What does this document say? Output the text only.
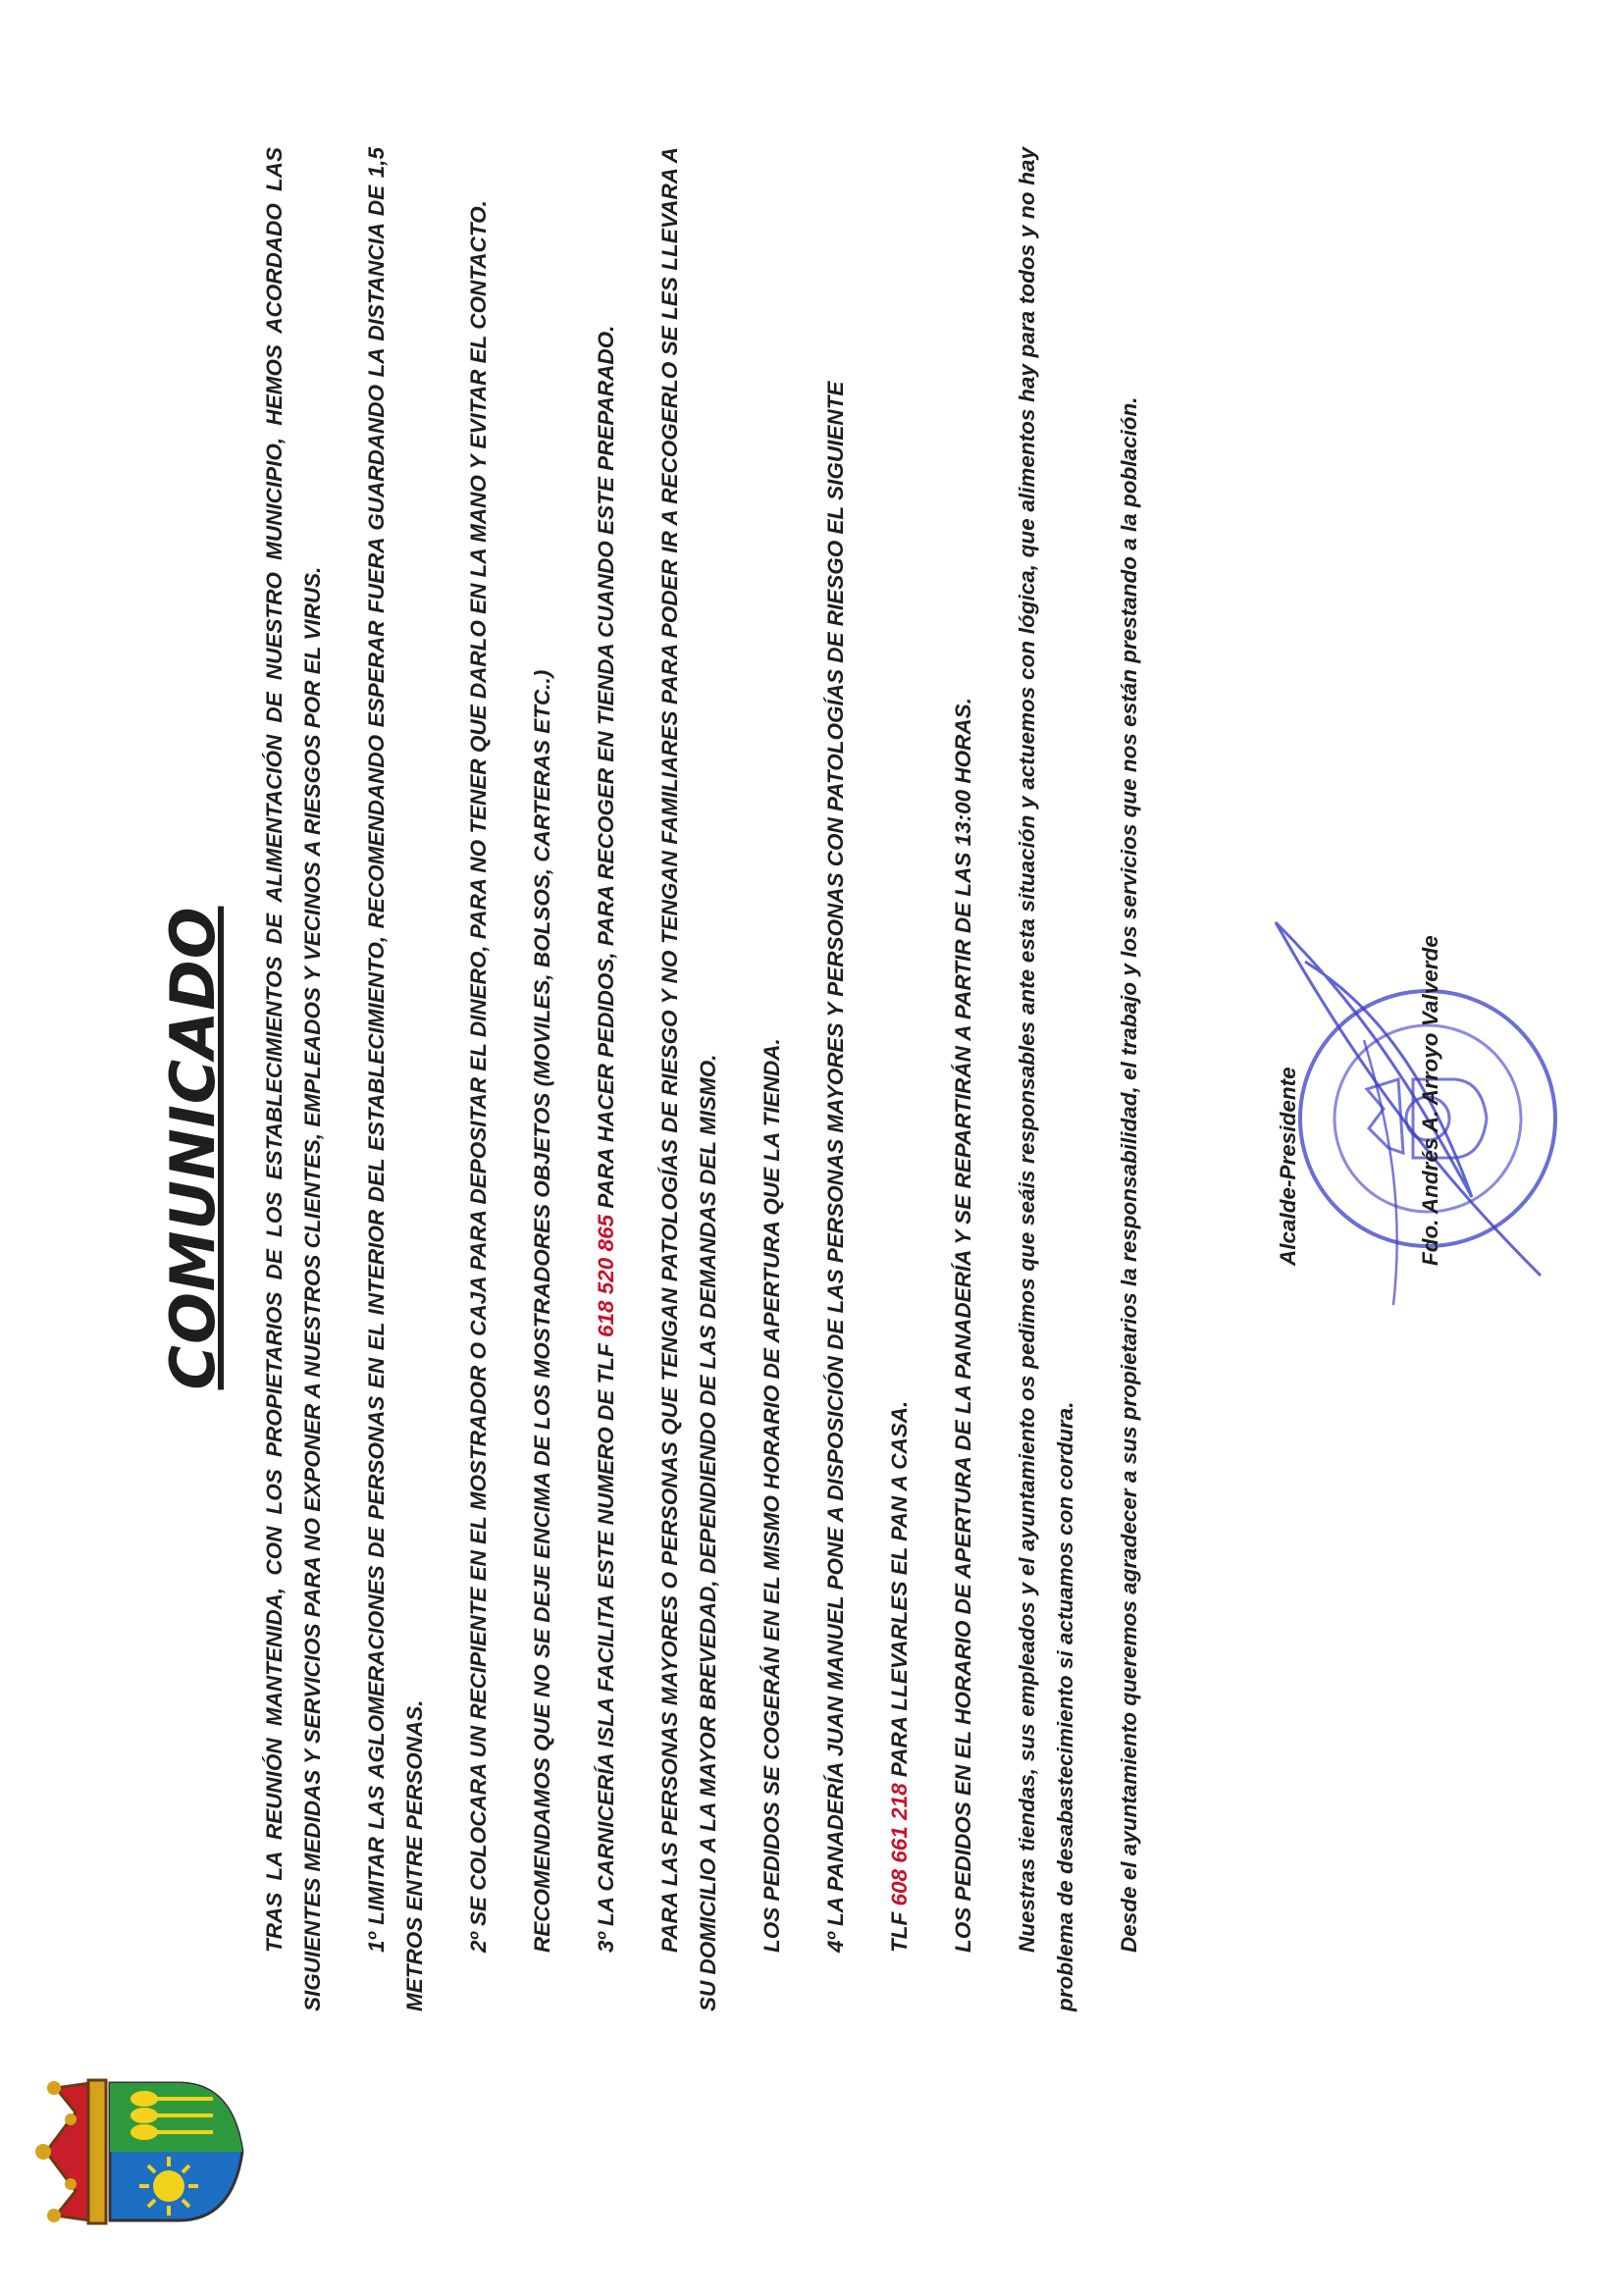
COMUNICADO	TRAS LA REUNIÓN MANTENIDA, CON LOS PROPIETARIOS DE LOS ESTABLECIMIENTOS DE ALIMENTACIÓN DE NUESTRO MUNICIPIO, HEMOS ACORDADO LAS SIGUIENTES MEDIDAS Y SERVICIOS PARA NO EXPONER A NUESTROS CLIENTES, EMPLEADOS Y VECINOS A RIESGOS POR EL VIRUS.	1º LIMITAR LAS AGLOMERACIONES DE PERSONAS EN EL INTERIOR DEL ESTABLECIMIENTO, RECOMENDANDO ESPERAR FUERA GUARDANDO LA DISTANCIA DE 1,5 METROS ENTRE PERSONAS.	2º SE COLOCARA UN RECIPIENTE EN EL MOSTRADOR O CAJA PARA DEPOSITAR EL DINERO, PARA NO TENER QUE DARLO EN LA MANO Y EVITAR EL CONTACTO.	RECOMENDAMOS QUE NO SE DEJE ENCIMA DE LOS MOSTRADORES OBJETOS (MOVILES, BOLSOS, CARTERAS ETC..)	3º LA CARNICERÍA ISLA FACILITA ESTE NUMERO DE TLF 618 520 865 PARA HACER PEDIDOS, PARA RECOGER EN TIENDA CUANDO ESTE PREPARADO.	PARA LAS PERSONAS MAYORES O PERSONAS QUE TENGAN PATOLOGÍAS DE RIESGO Y NO TENGAN FAMILIARES PARA PODER IR A RECOGERLO SE LES LLEVARA A SU DOMICILIO A LA MAYOR BREVEDAD, DEPENDIENDO DE LAS DEMANDAS DEL MISMO.	LOS PEDIDOS SE COGERÁN EN EL MISMO HORARIO DE APERTURA QUE LA TIENDA.	4º LA PANADERÍA JUAN MANUEL PONE A DISPOSICIÓN DE LAS PERSONAS MAYORES Y PERSONAS CON PATOLOGÍAS DE RIESGO EL SIGUIENTE	TLF 608 661 218 PARA LLEVARLES EL PAN A CASA.	LOS PEDIDOS EN EL HORARIO DE APERTURA DE LA PANADERÍA Y SE REPARTIRÁN A PARTIR DE LAS 13:00 HORAS.	Nuestras tiendas, sus empleados y el ayuntamiento os pedimos que seáis responsables ante esta situación y actuemos con lógica, que alimentos hay para todos y no hay problema de desabastecimiento si actuamos con cordura.	Desde el ayuntamiento queremos agradecer a sus propietarios la responsabilidad, el trabajo y los servicios que nos están prestando a la población.	Alcalde-Presidente	Fdo. Andrés A. Arroyo Valverde
